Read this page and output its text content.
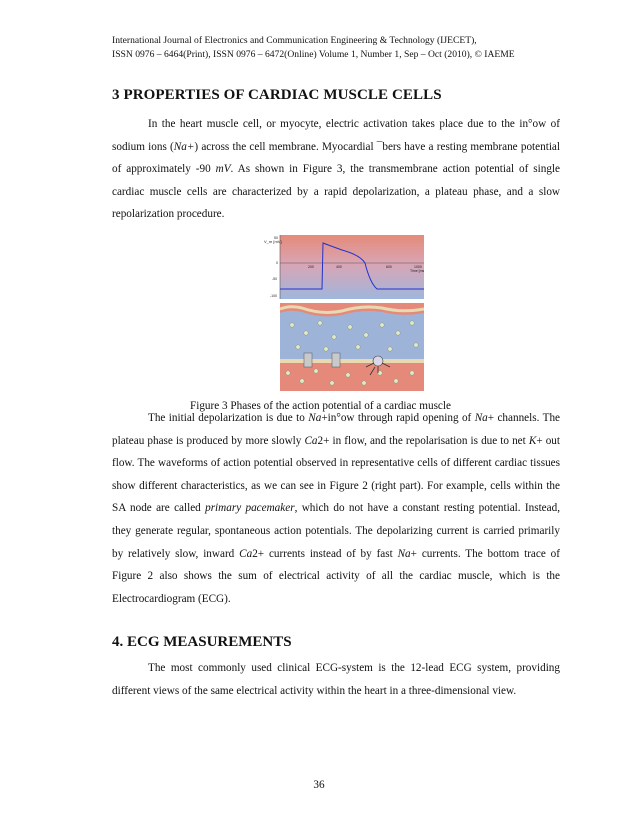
International Journal of Electronics and Communication Engineering & Technology (IJECET),
ISSN 0976 – 6464(Print), ISSN 0976 – 6472(Online) Volume 1, Number 1, Sep – Oct (2010), © IAEME
3 PROPERTIES OF CARDIAC MUSCLE CELLS

In the heart muscle cell, or myocyte, electric activation takes place due to the in°ow of sodium ions (Na+) across the cell membrane. Myocardial ¯bers have a resting membrane potential of approximately -90 mV. As shown in Figure 3, the transmembrane action potential of single cardiac muscle cells are characterized by a rapid depolarization, a plateau phase, and a slow repolarization procedure.

V_m [mV]
50
0
-50
-100
200	400	600	1000
Time [ms]
Figure 3 Phases of the action potential of a cardiac muscle

The initial depolarization is due to Na+in°ow through rapid opening of Na+ channels. The plateau phase is produced by more slowly Ca2+ in flow, and the repolarisation is due to net K+ out flow. The waveforms of action potential observed in representative cells of different cardiac tissues show different characteristics, as we can see in Figure 2 (right part). For example, cells within the SA node are called primary pacemaker, which do not have a constant resting potential. Instead, they generate regular, spontaneous action potentials. The depolarizing current is carried primarily by relatively slow, inward Ca2+ currents instead of by fast Na+ currents. The bottom trace of Figure 2 also shows the sum of electrical activity of all the cardiac muscle, which is the Electrocardiogram (ECG).

4. ECG MEASUREMENTS

The most commonly used clinical ECG-system is the 12-lead ECG system, providing different views of the same electrical activity within the heart in a three-dimensional view.

36
